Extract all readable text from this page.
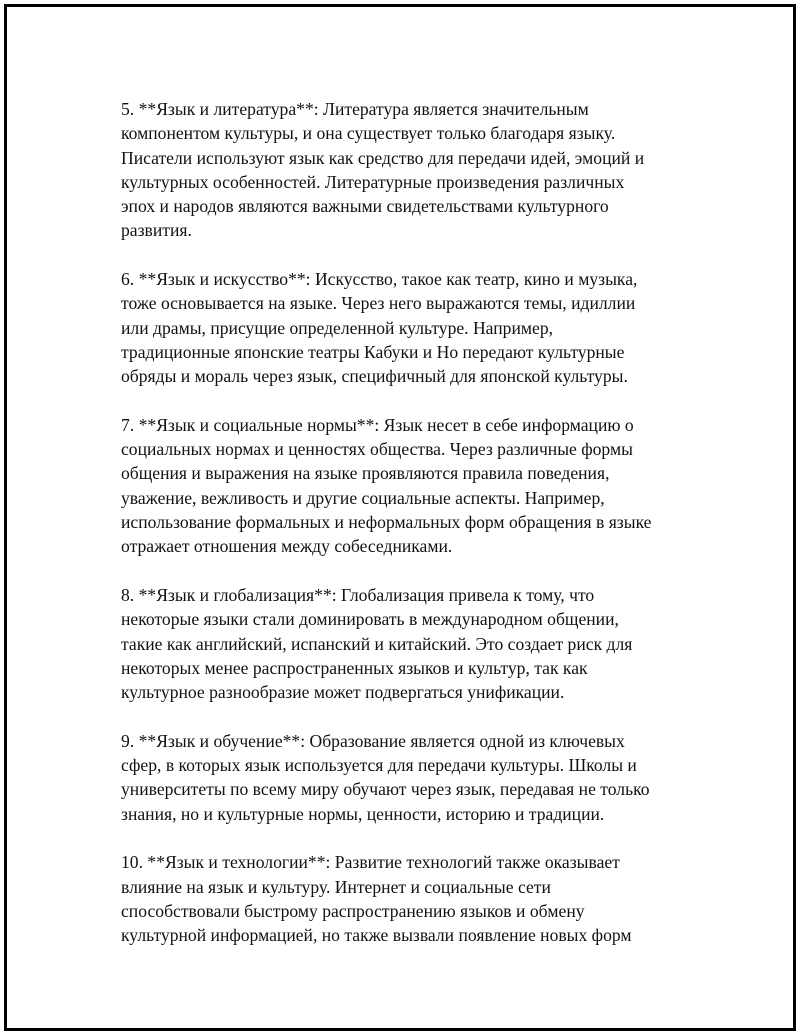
5. **Язык и литература**: Литература является значительным
компонентом культуры, и она существует только благодаря языку.
Писатели используют язык как средство для передачи идей, эмоций и
культурных особенностей. Литературные произведения различных
эпох и народов являются важными свидетельствами культурного
развития.

6. **Язык и искусство**: Искусство, такое как театр, кино и музыка,
тоже основывается на языке. Через него выражаются темы, идиллии
или драмы, присущие определенной культуре. Например,
традиционные японские театры Кабуки и Но передают культурные
обряды и мораль через язык, специфичный для японской культуры.

7. **Язык и социальные нормы**: Язык несет в себе информацию о
социальных нормах и ценностях общества. Через различные формы
общения и выражения на языке проявляются правила поведения,
уважение, вежливость и другие социальные аспекты. Например,
использование формальных и неформальных форм обращения в языке
отражает отношения между собеседниками.

8. **Язык и глобализация**: Глобализация привела к тому, что
некоторые языки стали доминировать в международном общении,
такие как английский, испанский и китайский. Это создает риск для
некоторых менее распространенных языков и культур, так как
культурное разнообразие может подвергаться унификации.

9. **Язык и обучение**: Образование является одной из ключевых
сфер, в которых язык используется для передачи культуры. Школы и
университеты по всему миру обучают через язык, передавая не только
знания, но и культурные нормы, ценности, историю и традиции.

10. **Язык и технологии**: Развитие технологий также оказывает
влияние на язык и культуру. Интернет и социальные сети
способствовали быстрому распространению языков и обмену
культурной информацией, но также вызвали появление новых форм
